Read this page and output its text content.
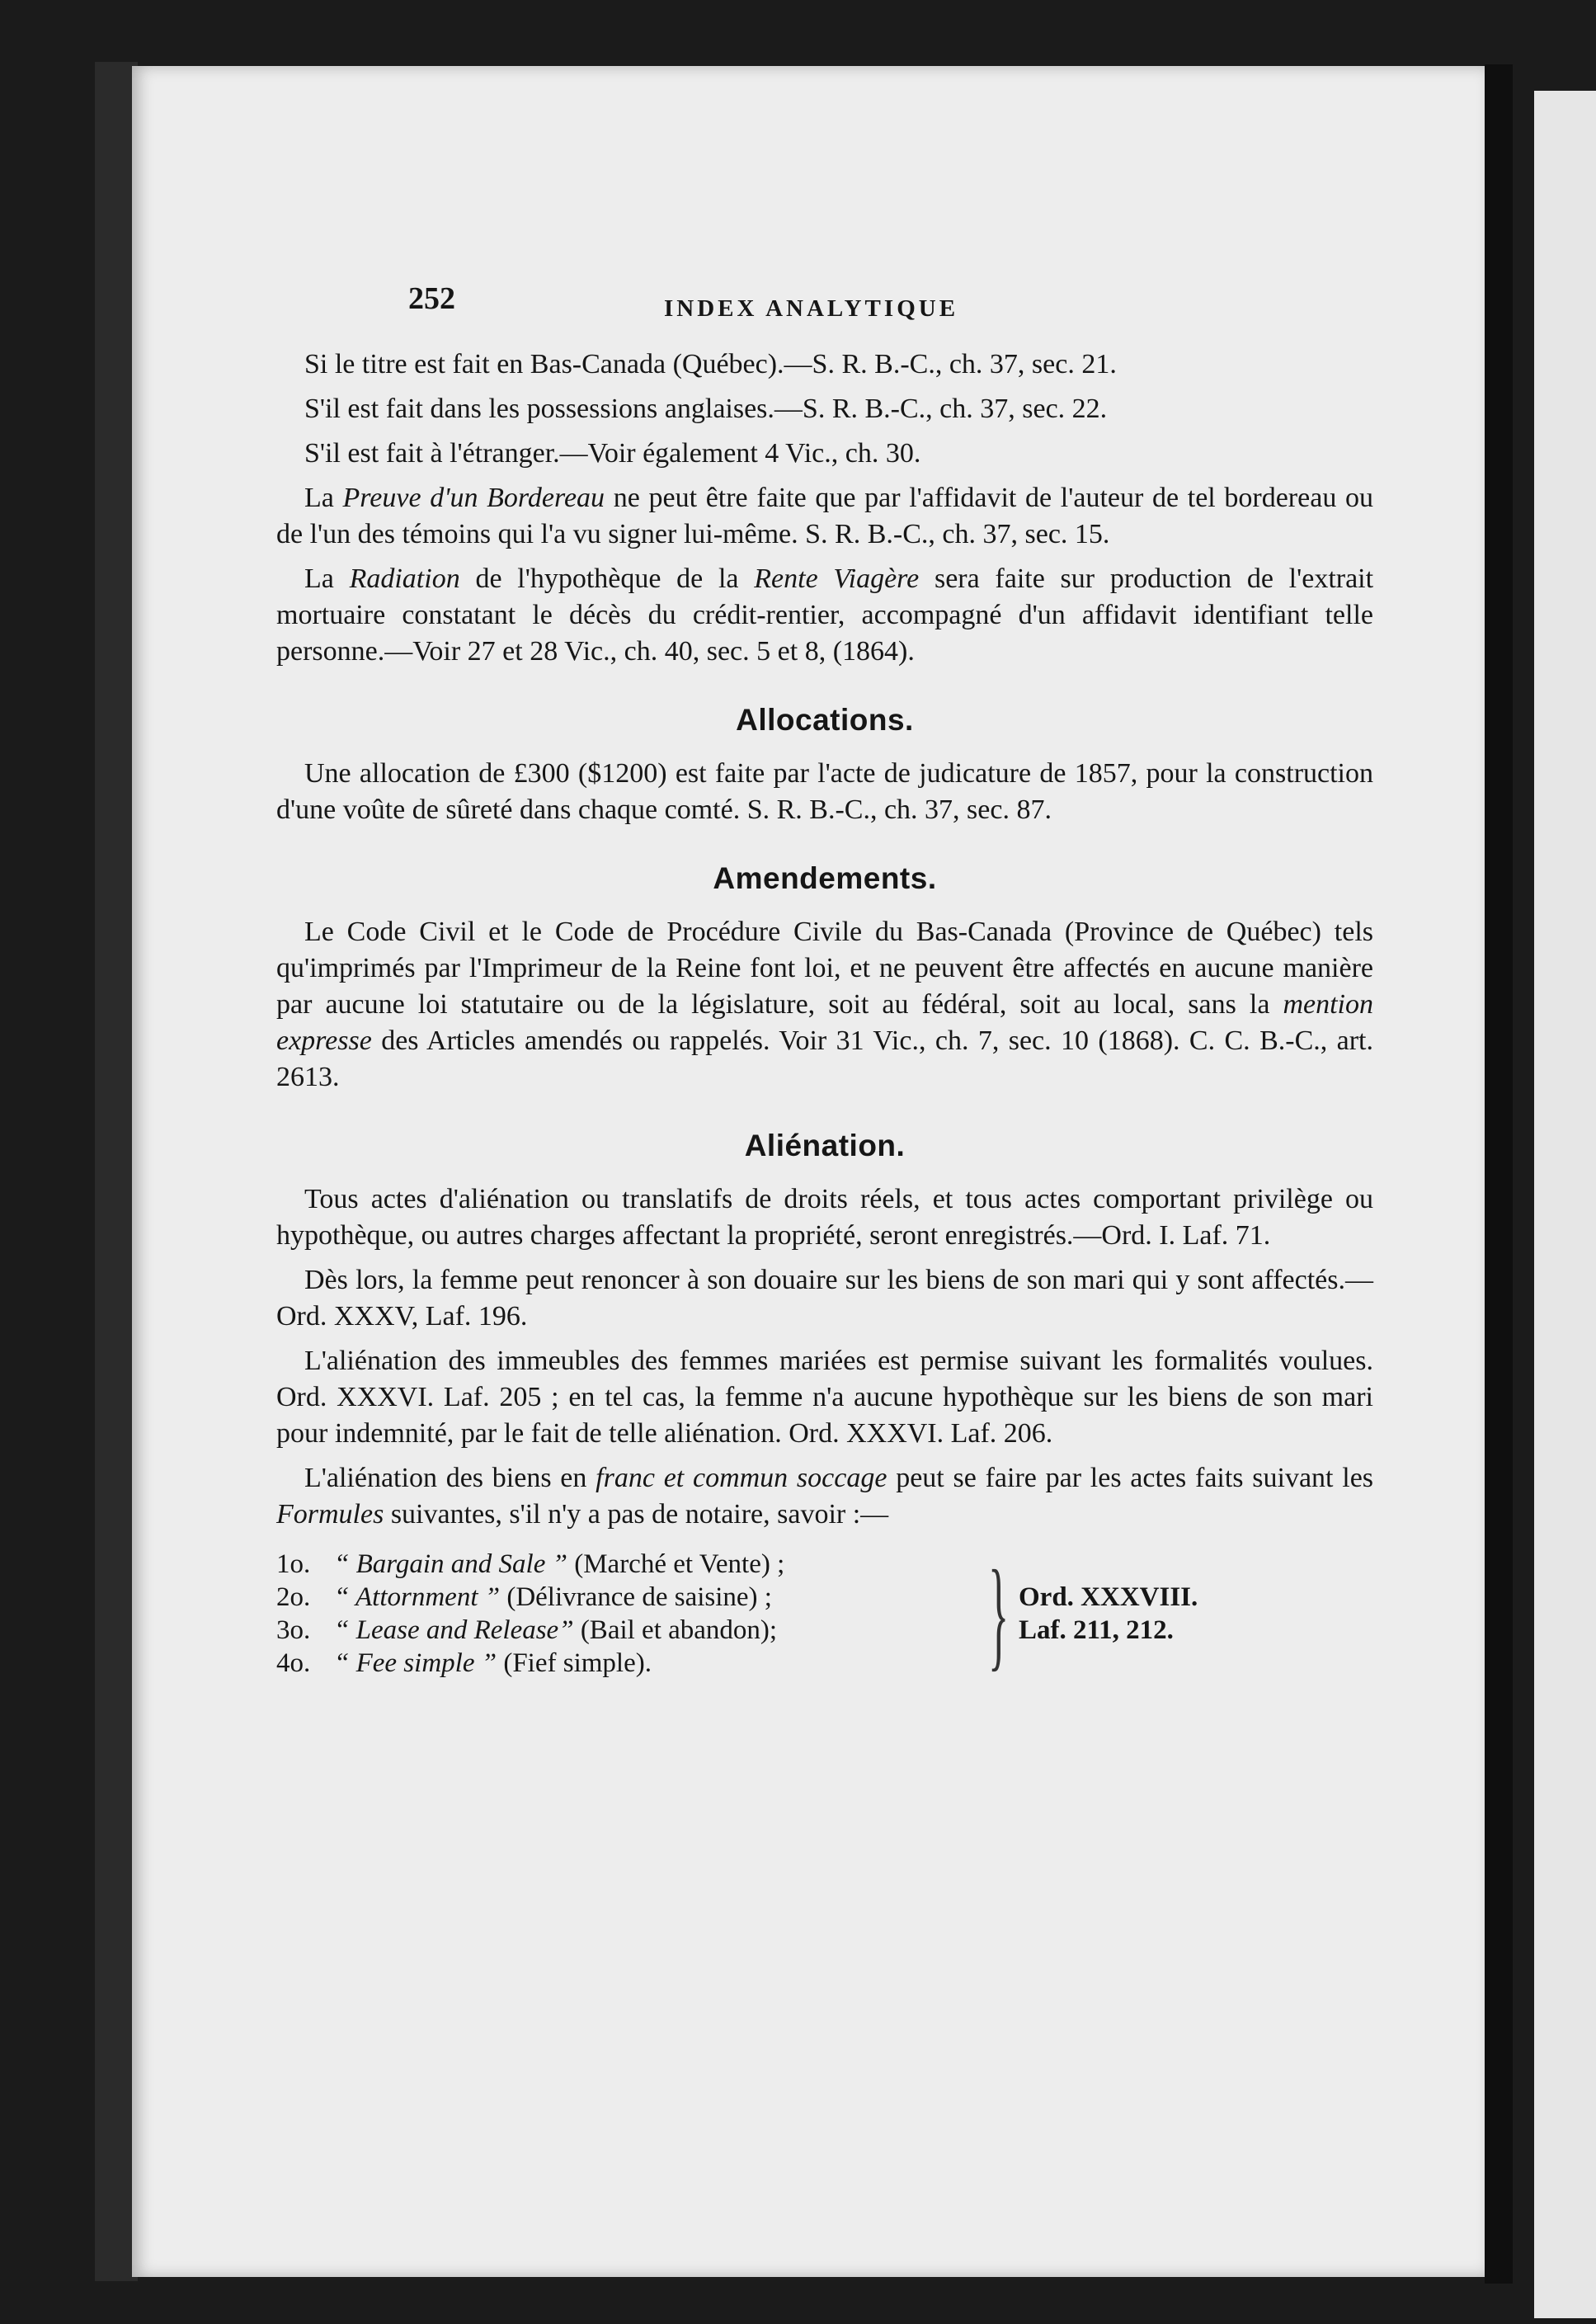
252	INDEX ANALYTIQUE

Si le titre est fait en Bas-Canada (Québec).—S. R. B.-C., ch. 37, sec. 21.

S'il est fait dans les possessions anglaises.—S. R. B.-C., ch. 37, sec. 22.

S'il est fait à l'étranger.—Voir également 4 Vic., ch. 30.

La Preuve d'un Bordereau ne peut être faite que par l'affidavit de l'auteur de tel bordereau ou de l'un des témoins qui l'a vu signer lui-même. S. R. B.-C., ch. 37, sec. 15.

La Radiation de l'hypothèque de la Rente Viagère sera faite sur production de l'extrait mortuaire constatant le décès du crédit-rentier, accompagné d'un affidavit identifiant telle personne.—Voir 27 et 28 Vic., ch. 40, sec. 5 et 8, (1864).

Allocations.

Une allocation de £300 ($1200) est faite par l'acte de judicature de 1857, pour la construction d'une voûte de sûreté dans chaque comté. S. R. B.-C., ch. 37, sec. 87.

Amendements.

Le Code Civil et le Code de Procédure Civile du Bas-Canada (Province de Québec) tels qu'imprimés par l'Imprimeur de la Reine font loi, et ne peuvent être affectés en aucune manière par aucune loi statutaire ou de la législature, soit au fédéral, soit au local, sans la mention expresse des Articles amendés ou rappelés. Voir 31 Vic., ch. 7, sec. 10 (1868). C. C. B.-C., art. 2613.

Aliénation.

Tous actes d'aliénation ou translatifs de droits réels, et tous actes comportant privilège ou hypothèque, ou autres charges affectant la propriété, seront enregistrés.—Ord. I. Laf. 71.

Dès lors, la femme peut renoncer à son douaire sur les biens de son mari qui y sont affectés.—Ord. XXXV, Laf. 196.

L'aliénation des immeubles des femmes mariées est permise suivant les formalités voulues. Ord. XXXVI. Laf. 205 ; en tel cas, la femme n'a aucune hypothèque sur les biens de son mari pour indemnité, par le fait de telle aliénation. Ord. XXXVI. Laf. 206.

L'aliénation des biens en franc et commun soccage peut se faire par les actes faits suivant les Formules suivantes, s'il n'y a pas de notaire, savoir :—

1o. “ Bargain and Sale ”
(Marché et Vente) ;
2o. “ Attornment ”
(Délivrance de saisine) ;
3o. “ Lease and Release”
(Bail et abandon);
4o. “ Fee simple ”
(Fief simple).	} Ord. XXXVIII.
Laf. 211, 212.
